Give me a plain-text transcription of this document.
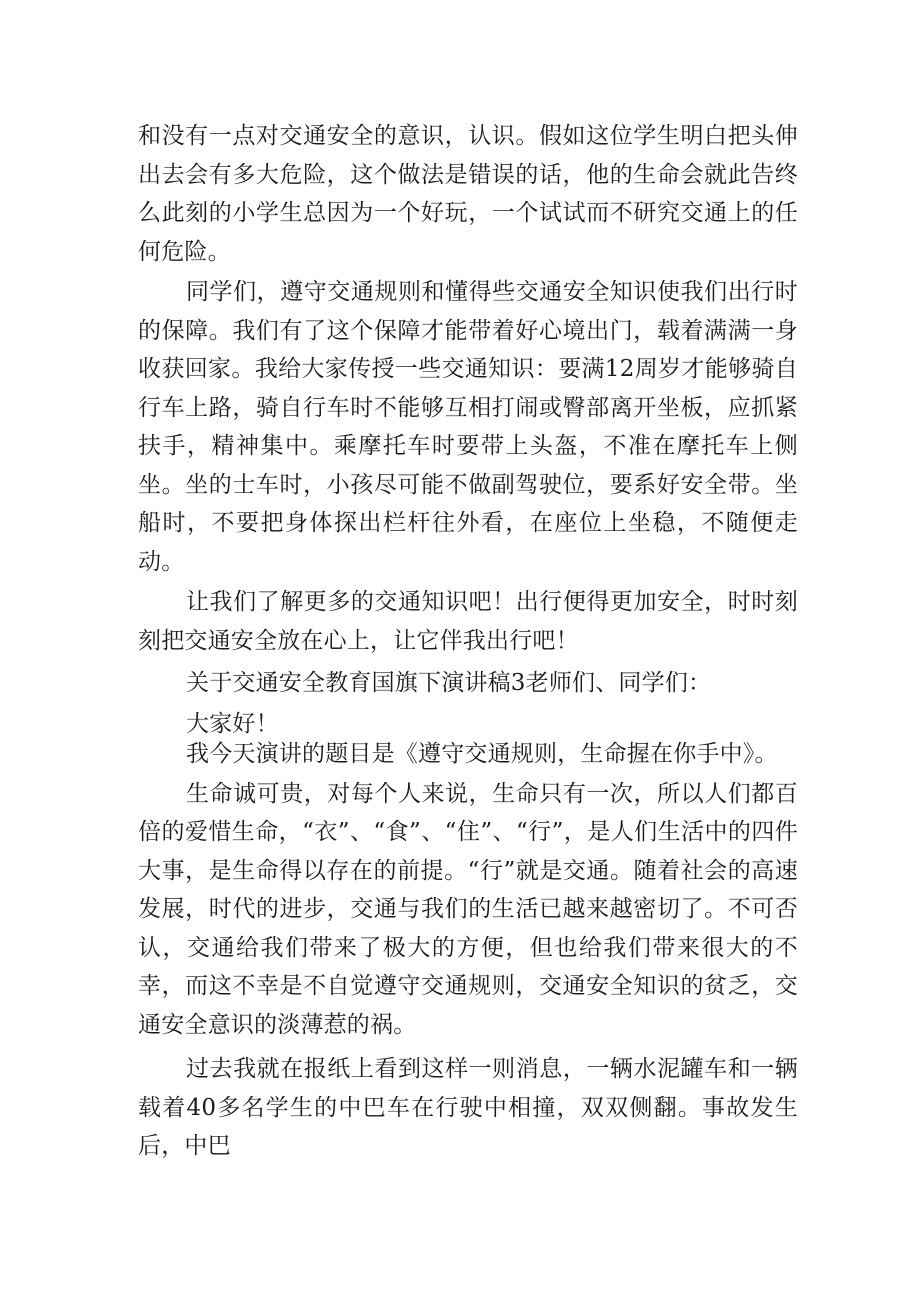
和没有一点对交通安全的意识，认识。假如这位学生明白把头伸出去会有多大危险，这个做法是错误的话，他的生命会就此告终么此刻的小学生总因为一个好玩，一个试试而不研究交通上的任何危险。

同学们，遵守交通规则和懂得些交通安全知识使我们出行时的保障。我们有了这个保障才能带着好心境出门，载着满满一身收获回家。我给大家传授一些交通知识：要满12周岁才能够骑自行车上路，骑自行车时不能够互相打闹或臀部离开坐板，应抓紧扶手，精神集中。乘摩托车时要带上头盔，不准在摩托车上侧坐。坐的士车时，小孩尽可能不做副驾驶位，要系好安全带。坐船时，不要把身体探出栏杆往外看，在座位上坐稳，不随便走动。

让我们了解更多的交通知识吧！出行便得更加安全，时时刻刻把交通安全放在心上，让它伴我出行吧！

关于交通安全教育国旗下演讲稿3老师们、同学们：

大家好！

我今天演讲的题目是《遵守交通规则，生命握在你手中》。

生命诚可贵，对每个人来说，生命只有一次，所以人们都百倍的爱惜生命，“衣”、“食”、“住”、“行”，是人们生活中的四件大事，是生命得以存在的前提。“行”就是交通。随着社会的高速发展，时代的进步，交通与我们的生活已越来越密切了。不可否认，交通给我们带来了极大的方便，但也给我们带来很大的不幸，而这不幸是不自觉遵守交通规则，交通安全知识的贫乏，交通安全意识的淡薄惹的祸。

过去我就在报纸上看到这样一则消息，一辆水泥罐车和一辆载着40多名学生的中巴车在行驶中相撞，双双侧翻。事故发生后，中巴
